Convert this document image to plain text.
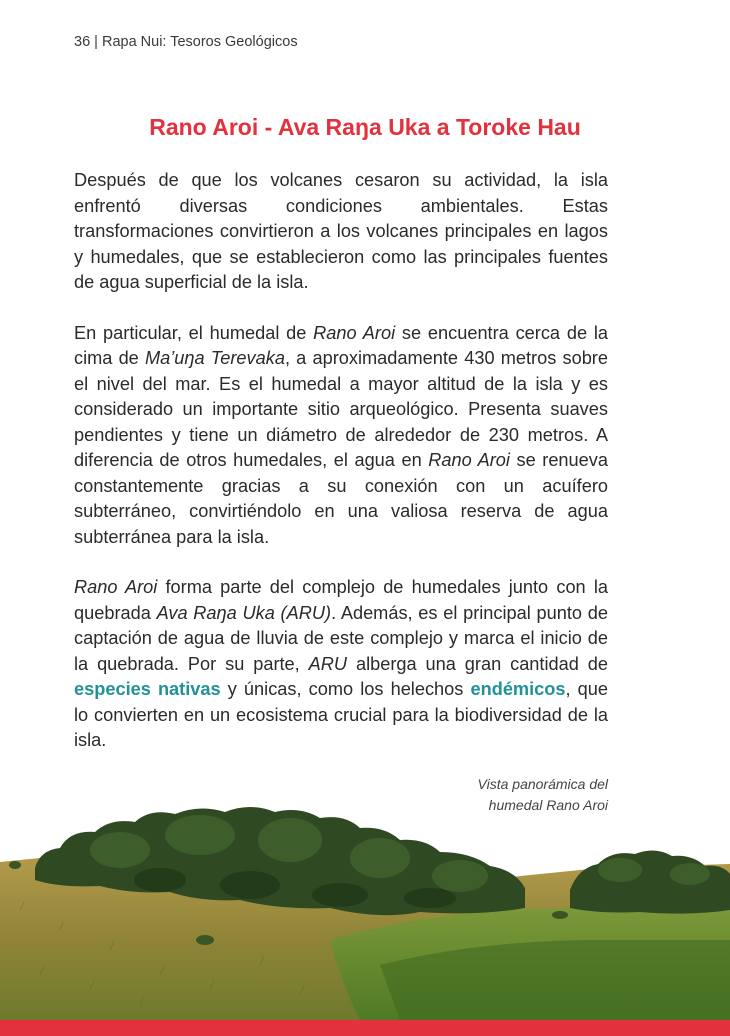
36 | Rapa Nui: Tesoros Geológicos
Rano Aroi - Ava Raŋa Uka a Toroke Hau

Después de que los volcanes cesaron su actividad, la isla enfrentó diversas condiciones ambientales. Estas transformaciones convirtieron a los volcanes principales en lagos y humedales, que se establecieron como las principales fuentes de agua superficial de la isla.

En particular, el humedal de Rano Aroi se encuentra cerca de la cima de Ma’uŋa Terevaka, a aproximadamente 430 metros sobre el nivel del mar. Es el humedal a mayor altitud de la isla y es considerado un importante sitio arqueológico. Presenta suaves pendientes y tiene un diámetro de alrededor de 230 metros. A diferencia de otros humedales, el agua en Rano Aroi se renueva constantemente gracias a su conexión con un acuífero subterráneo, convirtiéndolo en una valiosa reserva de agua subterránea para la isla.

Rano Aroi forma parte del complejo de humedales junto con la quebrada Ava Raŋa Uka (ARU). Además, es el principal punto de captación de agua de lluvia de este complejo y marca el inicio de la quebrada. Por su parte, ARU alberga una gran cantidad de especies nativas y únicas, como los helechos endémicos, que lo convierten en un ecosistema crucial para la biodiversidad de la isla.

Vista panorámica del
humedal Rano Aroi
